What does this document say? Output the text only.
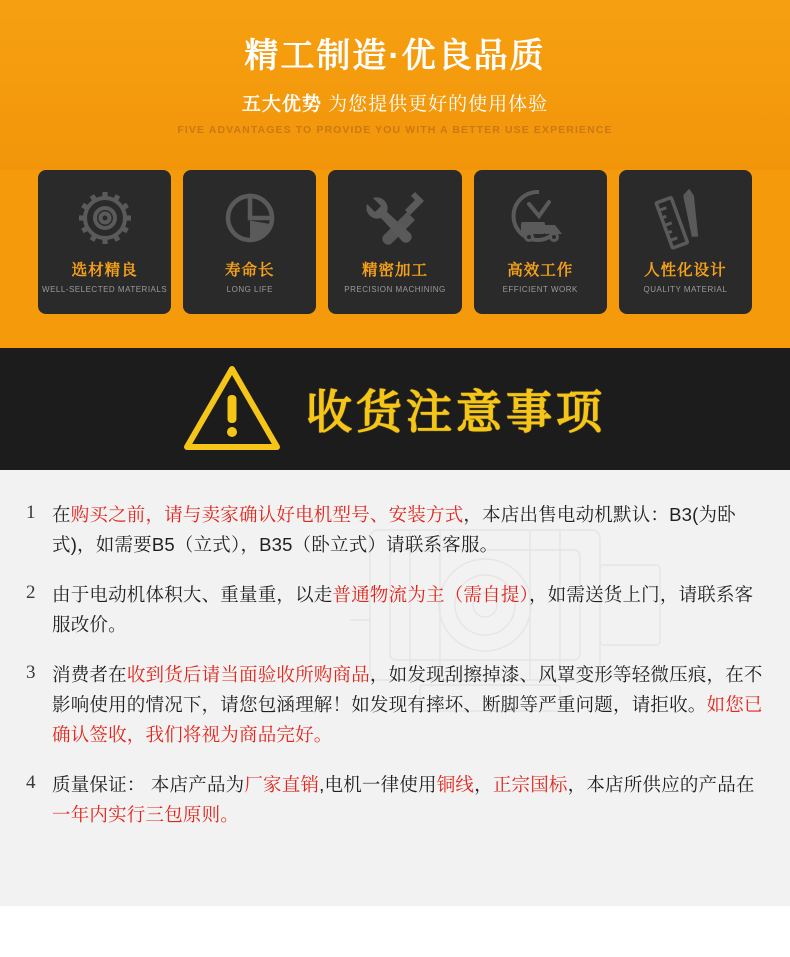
精工制造·优良品质
五大优势 为您提供更好的使用体验
FIVE ADVANTAGES TO PROVIDE YOU WITH A BETTER USE EXPERIENCE
选材精良
WELL-SELECTED MATERIALS
寿命长
LONG LIFE
精密加工
PRECISION MACHINING
高效工作
EFFICIENT WORK
人性化设计
QUALITY MATERIAL
收货注意事项
1 在购买之前，请与卖家确认好电机型号、安装方式，本店出售电动机默认：B3(为卧式)，如需要B5（立式），B35（卧立式）请联系客服。
2 由于电动机体积大、重量重，以走普通物流为主（需自提），如需送货上门，请联系客服改价。
3 消费者在收到货后请当面验收所购商品，如发现刮擦掉漆、风罩变形等轻微压痕，在不影响使用的情况下，请您包涵理解！如发现有摔坏、断脚等严重问题，请拒收。如您已确认签收，我们将视为商品完好。
4 质量保证： 本店产品为厂家直销,电机一律使用铜线，正宗国标，本店所供应的产品在一年内实行三包原则。
